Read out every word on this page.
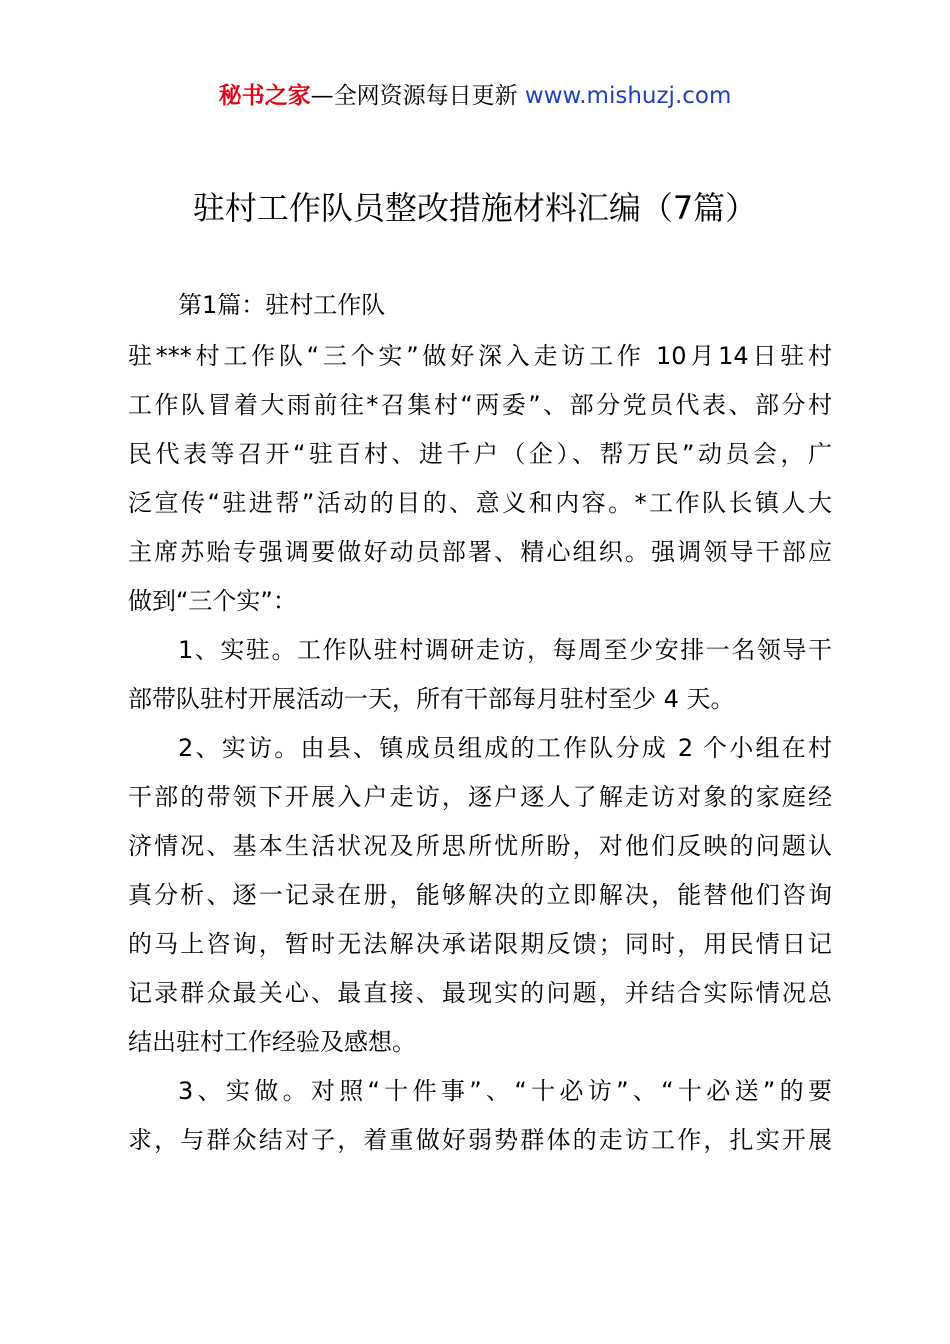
秘书之家—全网资源每日更新 www.mishuzj.com
驻村工作队员整改措施材料汇编（7篇）
第1篇：驻村工作队
驻***村工作队“三个实”做好深入走访工作 10月14日驻村
工作队冒着大雨前往*召集村“两委”、部分党员代表、部分村
民代表等召开“驻百村、进千户（企）、帮万民”动员会，广
泛宣传“驻进帮”活动的目的、意义和内容。*工作队长镇人大
主席苏贻专强调要做好动员部署、精心组织。强调领导干部应
做到“三个实”：
1、实驻。工作队驻村调研走访，每周至少安排一名领导干
部带队驻村开展活动一天，所有干部每月驻村至少 4 天。
2、实访。由县、镇成员组成的工作队分成 2 个小组在村
干部的带领下开展入户走访，逐户逐人了解走访对象的家庭经
济情况、基本生活状况及所思所忧所盼，对他们反映的问题认
真分析、逐一记录在册，能够解决的立即解决，能替他们咨询
的马上咨询，暂时无法解决承诺限期反馈；同时，用民情日记
记录群众最关心、最直接、最现实的问题，并结合实际情况总
结出驻村工作经验及感想。
3、实做。对照“十件事”、“十必访”、“十必送”的要
求，与群众结对子，着重做好弱势群体的走访工作，扎实开展
